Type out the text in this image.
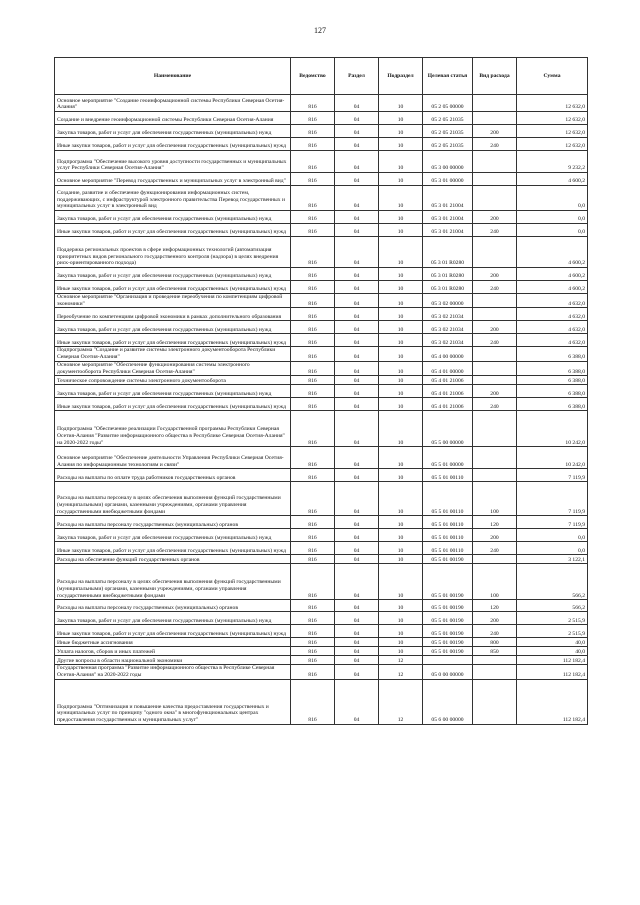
127
Наименование	Ведомство	Раздел	Подраздел	Целевая статья	Вид расхода	Сумма
Основное мероприятие "Создание геоинформационной системы Республики Северная Осетия-Алания"	816	04	10	05 2 05 00000		12 632,0
Создание и внедрение геоинформационной системы Республики Северная Осетия-Алания	816	04	10	05 2 05 21035		12 632,0
Закупка товаров, работ и услуг для обеспечения государственных (муниципальных) нужд	816	04	10	05 2 05 21035	200	12 632,0
Иные закупки товаров, работ и услуг для обеспечения государственных (муниципальных) нужд	816	04	10	05 2 05 21035	240	12 632,0
Подпрограмма "Обеспечение высокого уровня доступности государственных и муниципальных услуг Республики Северная Осетия-Алания"	816	04	10	05 3 00 00000		9 232,2
Основное мероприятие "Перевод государственных и муниципальных услуг в электронный вид"	816	04	10	05 3 01 00000		4 600,2
Создание, развитие и обеспечение функционирования информационных систем, поддерживающих, с инфраструктурой электронного правительства Перевод государственных и муниципальных услуг в электронный вид	816	04	10	05 3 01 21004		0,0
Закупка товаров, работ и услуг для обеспечения государственных (муниципальных) нужд	816	04	10	05 3 01 21004	200	0,0
Иные закупки товаров, работ и услуг для обеспечения государственных (муниципальных) нужд	816	04	10	05 3 01 21004	240	0,0
Поддержка региональных проектов в сфере информационных технологий (автоматизация приоритетных видов регионального государственного контроля (надзора) в целях внедрения риск-ориентированного подхода)	816	04	10	05 3 01 R0280		4 600,2
Закупка товаров, работ и услуг для обеспечения государственных (муниципальных) нужд	816	04	10	05 3 01 R0280	200	4 600,2
Иные закупки товаров, работ и услуг для обеспечения государственных (муниципальных) нужд	816	04	10	05 3 01 R0280	240	4 600,2
Основное мероприятие "Организация и проведение переобучения по компетенциям цифровой экономики"	816	04	10	05 3 02 00000		4 632,0
Переобучение по компетенциям цифровой экономики в рамках дополнительного образования	816	04	10	05 3 02 21034		4 632,0
Закупка товаров, работ и услуг для обеспечения государственных (муниципальных) нужд	816	04	10	05 3 02 21034	200	4 632,0
Иные закупки товаров, работ и услуг для обеспечения государственных (муниципальных) нужд	816	04	10	05 3 02 21034	240	4 632,0
Подпрограмма "Создание и развитие системы электронного документооборота Республики Северная Осетия-Алания"	816	04	10	05 4 00 00000		6 388,0
Основное мероприятие "Обеспечение функционирования системы электронного документооборота Республики Северная Осетия-Алания"	816	04	10	05 4 01 00000		6 388,0
Техническое сопровождение системы электронного документооборота	816	04	10	05 4 01 21006		6 388,0
Закупка товаров, работ и услуг для обеспечения государственных (муниципальных) нужд	816	04	10	05 4 01 21006	200	6 388,0
Иные закупки товаров, работ и услуг для обеспечения государственных (муниципальных) нужд	816	04	10	05 4 01 21006	240	6 388,0
Подпрограмма "Обеспечение реализации Государственной программы Республики Северная Осетия-Алания "Развитие информационного общества в Республике Северная Осетия-Алания" на 2020-2022 годы"	816	04	10	05 5 00 00000		10 242,0
Основное мероприятие "Обеспечение деятельности Управления Республики Северная Осетия-Алания по информационным технологиям и связи"	816	04	10	05 5 01 00000		10 242,0
Расходы на выплаты по оплате труда работников государственных органов	816	04	10	05 5 01 00110		7 119,9
Расходы на выплаты персоналу в целях обеспечения выполнения функций государственными (муниципальными) органами, казенными учреждениями, органами управления государственными внебюджетными фондами	816	04	10	05 5 01 00110	100	7 119,9
Расходы на выплаты персоналу государственных (муниципальных) органов	816	04	10	05 5 01 00110	120	7 119,9
Закупка товаров, работ и услуг для обеспечения государственных (муниципальных) нужд	816	04	10	05 5 01 00110	200	0,0
Иные закупки товаров, работ и услуг для обеспечения государственных (муниципальных) нужд	816	04	10	05 5 01 00110	240	0,0
Расходы на обеспечение функций государственных органов	816	04	10	05 5 01 00190		3 122,1
Расходы на выплаты персоналу в целях обеспечения выполнения функций государственными (муниципальными) органами, казенными учреждениями, органами управления государственными внебюджетными фондами	816	04	10	05 5 01 00190	100	566,2
Расходы на выплаты персоналу государственных (муниципальных) органов	816	04	10	05 5 01 00190	120	566,2
Закупка товаров, работ и услуг для обеспечения государственных (муниципальных) нужд	816	04	10	05 5 01 00190	200	2 515,9
Иные закупки товаров, работ и услуг для обеспечения государственных (муниципальных) нужд	816	04	10	05 5 01 00190	240	2 515,9
Иные бюджетные ассигнования	816	04	10	05 5 01 00190	800	40,0
Уплата налогов, сборов и иных платежей	816	04	10	05 5 01 00190	850	40,0
Другие вопросы в области национальной экономики	816	04	12			112 182,4
Государственная программа "Развитие информационного общества в Республике Северная Осетия-Алания" на 2020-2022 годы	816	04	12	05 0 00 00000		112 182,4
Подпрограмма "Оптимизация и повышение качества предоставления государственных и муниципальных услуг по принципу "одного окна" в многофункциональных центрах предоставления государственных и муниципальных услуг"	816	04	12	05 6 00 00000		112 182,4
